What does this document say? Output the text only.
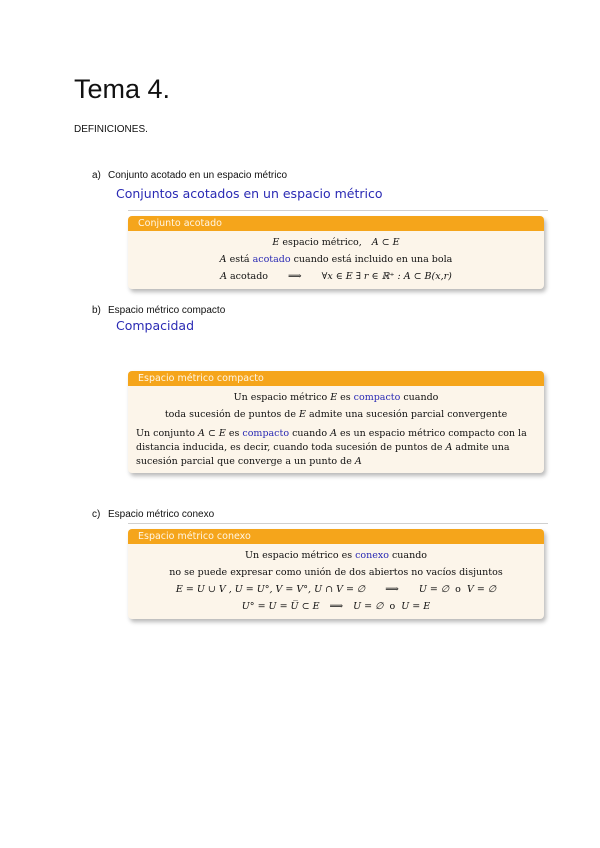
Tema 4.
DEFINICIONES.
a) Conjunto acotado en un espacio métrico
Conjuntos acotados en un espacio métrico
Conjunto acotado
E espacio métrico, A ⊂ E
A está acotado cuando está incluido en una bola
A acotado ⟹ ∀x ∈ E ∃ r ∈ ℝ⁺ : A ⊂ B(x,r)
b) Espacio métrico compacto
Compacidad
Espacio métrico compacto
Un espacio métrico E es compacto cuando
toda sucesión de puntos de E admite una sucesión parcial convergente
Un conjunto A ⊂ E es compacto cuando A es un espacio métrico compacto con la distancia inducida, es decir, cuando toda sucesión de puntos de A admite una sucesión parcial que converge a un punto de A
c) Espacio métrico conexo
Espacio métrico conexo
Un espacio métrico es conexo cuando
no se puede expresar como unión de dos abiertos no vacíos disjuntos
E = U ∪ V , U = U°, V = V°, U ∩ V = ∅ ⟹ U = ∅ o V = ∅
U° = U = U̅ ⊂ E ⟹ U = ∅ o U = E
